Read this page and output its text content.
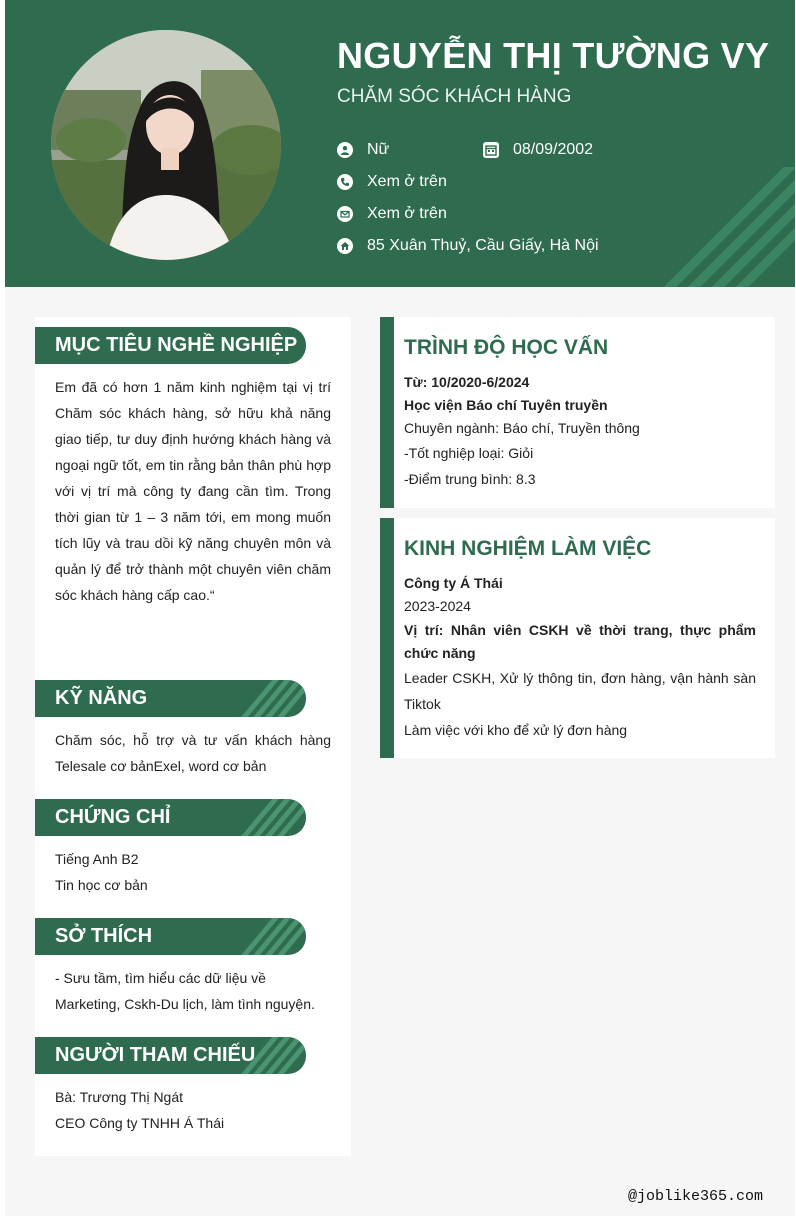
NGUYỄN THỊ TƯỜNG VY
CHĂM SÓC KHÁCH HÀNG
Nữ	08/09/2002
Xem ở trên
Xem ở trên
85 Xuân Thuỷ, Cầu Giấy, Hà Nội
MỤC TIÊU NGHỀ NGHIỆP
Em đã có hơn 1 năm kinh nghiệm tại vị trí Chăm sóc khách hàng, sở hữu khả năng giao tiếp, tư duy định hướng khách hàng và ngoại ngữ tốt, em tin rằng bản thân phù hợp với vị trí mà công ty đang cần tìm. Trong thời gian từ 1 – 3 năm tới, em mong muốn tích lũy và trau dồi kỹ năng chuyên môn và quản lý để trở thành một chuyên viên chăm sóc khách hàng cấp cao.“
KỸ NĂNG
Chăm sóc, hỗ trợ và tư vấn khách hàng Telesale cơ bảnExel, word cơ bản
CHỨNG CHỈ
Tiếng Anh B2
Tin học cơ bản
SỞ THÍCH
- Sưu tầm, tìm hiểu các dữ liệu về Marketing, Cskh-Du lịch, làm tình nguyện.
NGƯỜI THAM CHIẾU
Bà: Trương Thị Ngát
CEO Công ty TNHH Á Thái
TRÌNH ĐỘ HỌC VẤN
Từ: 10/2020-6/2024
Học viện Báo chí Tuyên truyền
Chuyên ngành: Báo chí, Truyền thông
-Tốt nghiệp loại: Giỏi
-Điểm trung bình: 8.3
KINH NGHIỆM LÀM VIỆC
Công ty Á Thái
2023-2024
Vị trí: Nhân viên CSKH về thời trang, thực phẩm chức năng
Leader CSKH, Xử lý thông tin, đơn hàng, vận hành sàn Tiktok
Làm việc với kho để xử lý đơn hàng
@joblike365.com
